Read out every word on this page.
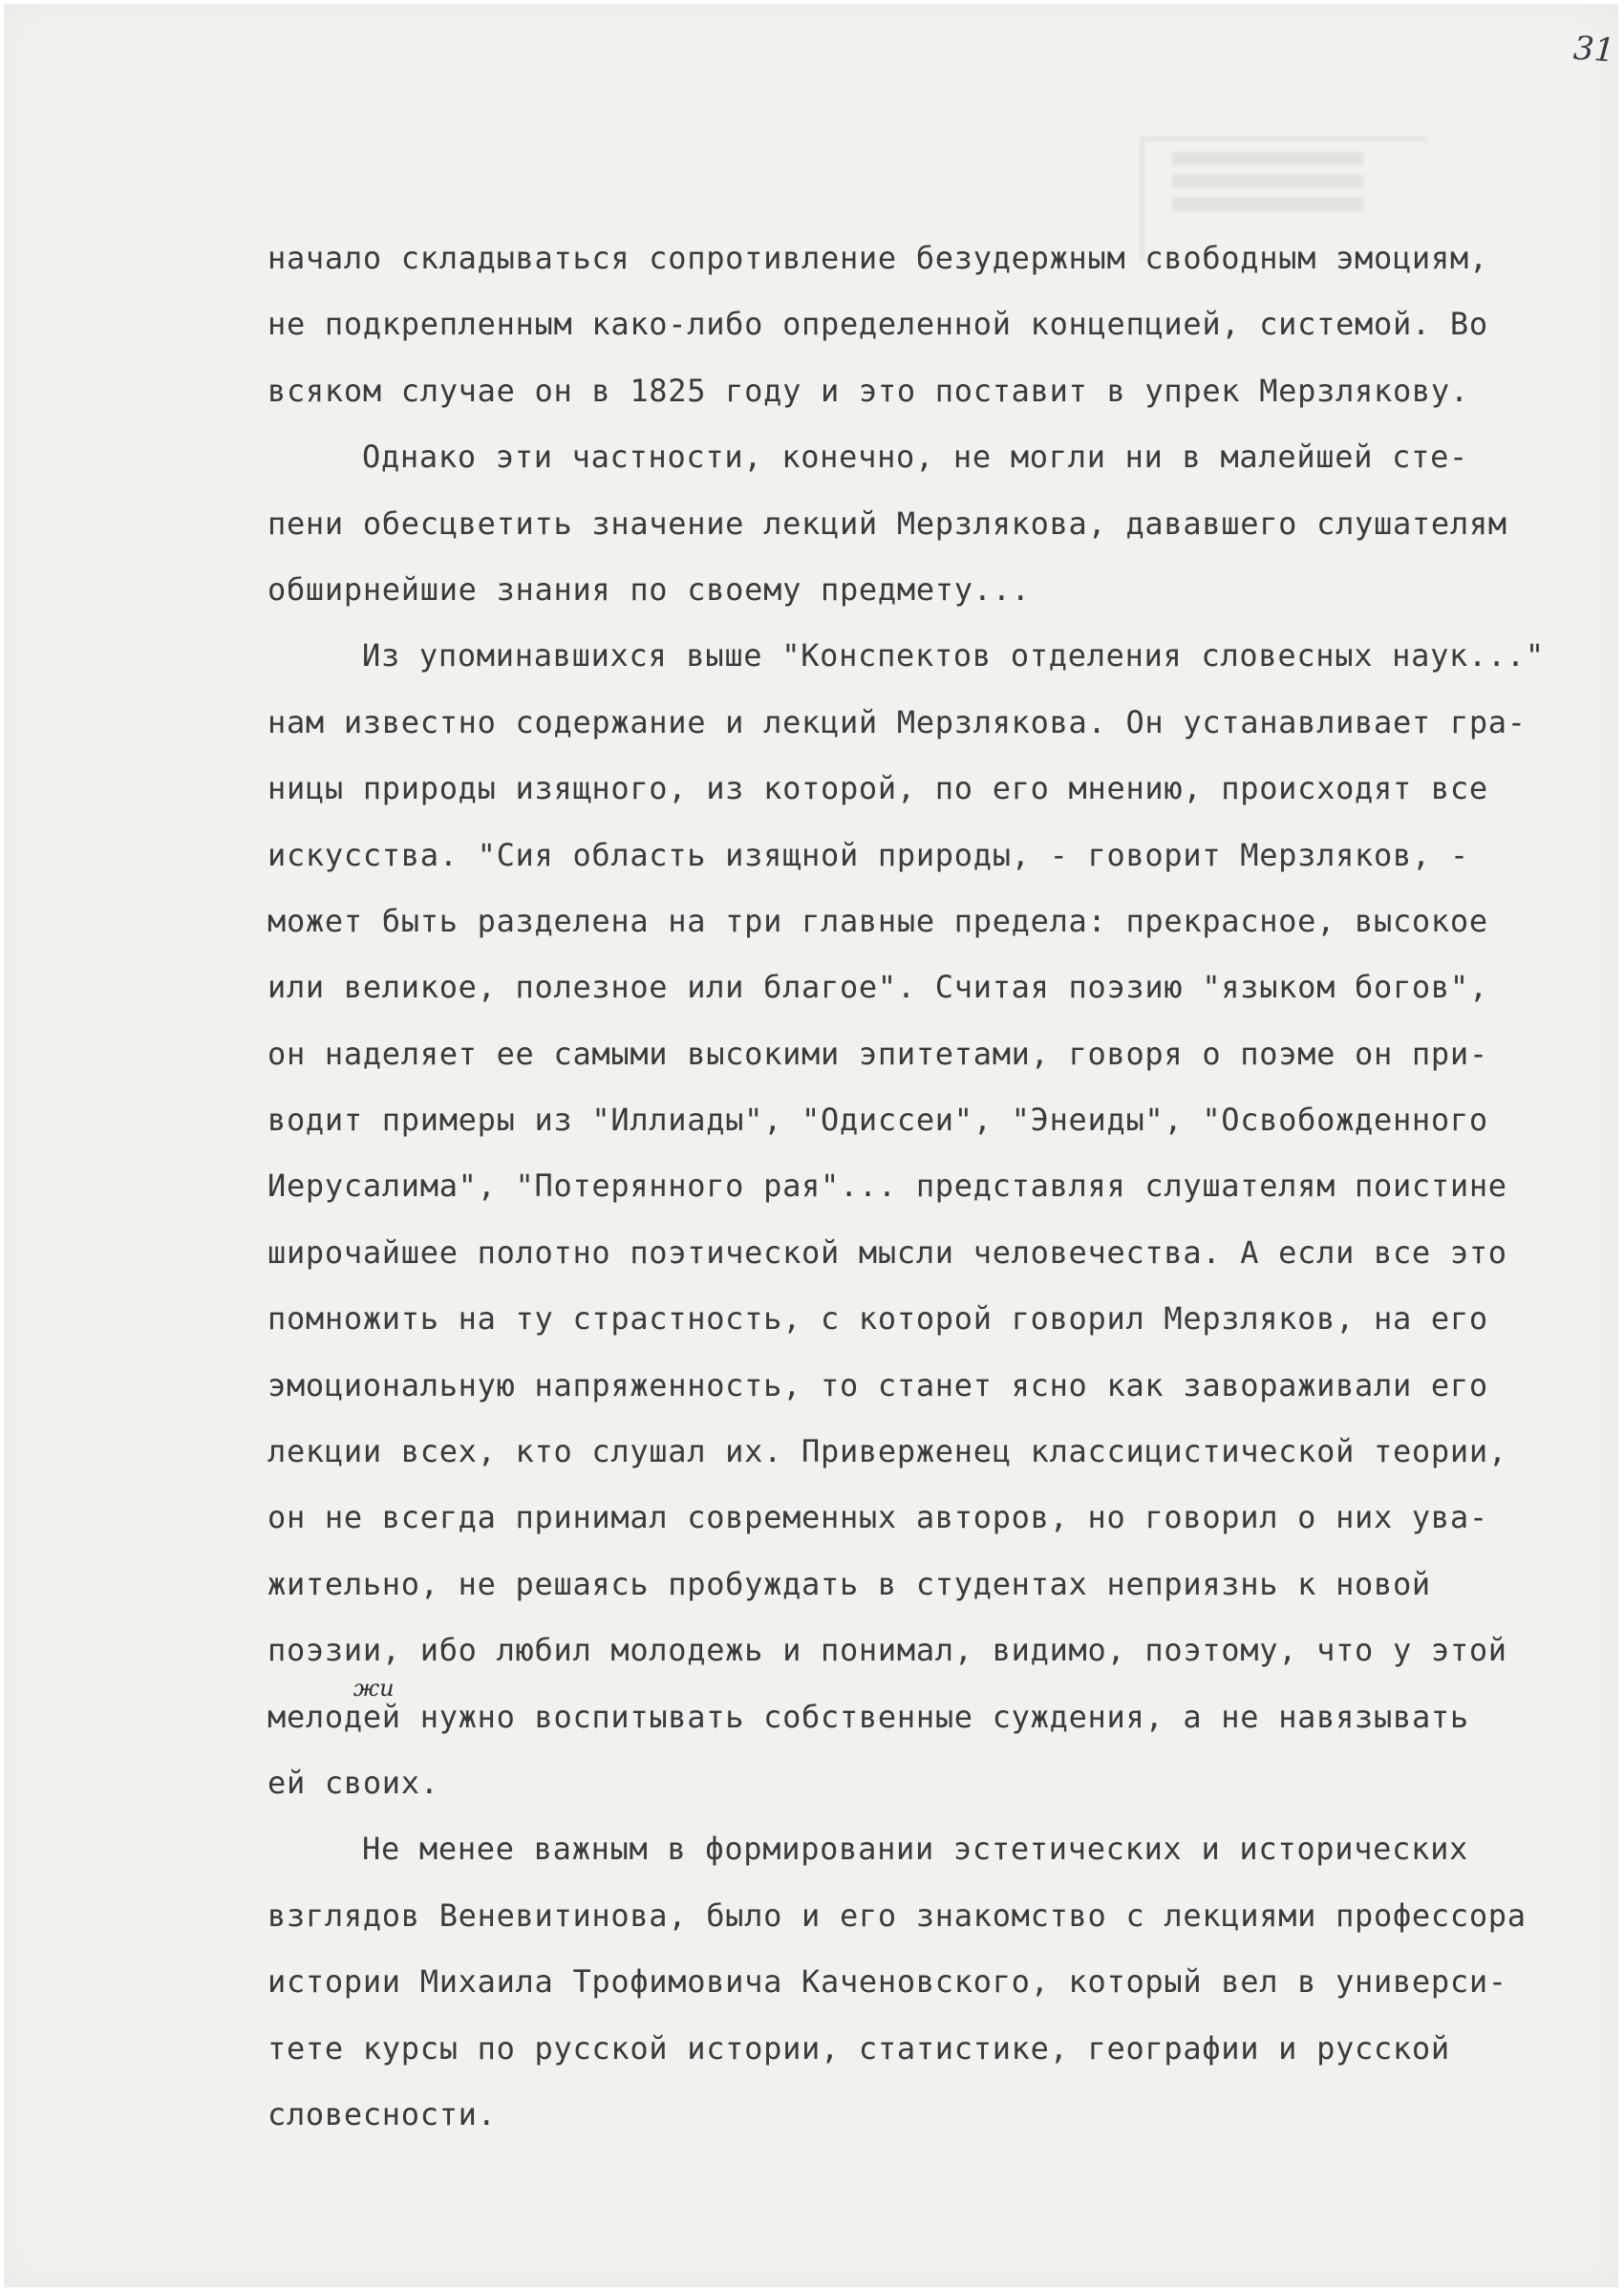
31
начало складываться сопротивление безудержным свободным эмоциям,
не подкрепленным како-либо определенной концепцией, системой. Во
всяком случае он в 1825 году и это поставит в упрек Мерзлякову.
Однако эти частности, конечно, не могли ни в малейшей сте-
пени обесцветить значение лекций Мерзлякова, дававшего слушателям
обширнейшие знания по своему предмету...
Из упоминавшихся выше "Конспектов отделения словесных наук..."
нам известно содержание и лекций Мерзлякова. Он устанавливает гра-
ницы природы изящного, из которой, по его мнению, происходят все
искусства. "Сия область изящной природы, - говорит Мерзляков, -
может быть разделена на три главные предела: прекрасное, высокое
или великое, полезное или благое". Считая поэзию "языком богов",
он наделяет ее самыми высокими эпитетами, говоря о поэме он при-
водит примеры из "Иллиады", "Одиссеи", "Энеиды", "Освобожденного
Иерусалима", "Потерянного рая"... представляя слушателям поистине
широчайшее полотно поэтической мысли человечества. А если все это
помножить на ту страстность, с которой говорил Мерзляков, на его
эмоциональную напряженность, то станет ясно как завораживали его
лекции всех, кто слушал их. Приверженец классицистической теории,
он не всегда принимал современных авторов, но говорил о них ува-
жительно, не решаясь пробуждать в студентах неприязнь к новой
поэзии, ибо любил молодежь и понимал, видимо, поэтому, что у этой
мелодей
жи
нужно воспитывать собственные суждения, а не навязывать
ей своих.
Не менее важным в формировании эстетических и исторических
взглядов Веневитинова, было и его знакомство с лекциями профессора
истории Михаила Трофимовича Каченовского, который вел в универси-
тете курсы по русской истории, статистике, географии и русской
словесности.
